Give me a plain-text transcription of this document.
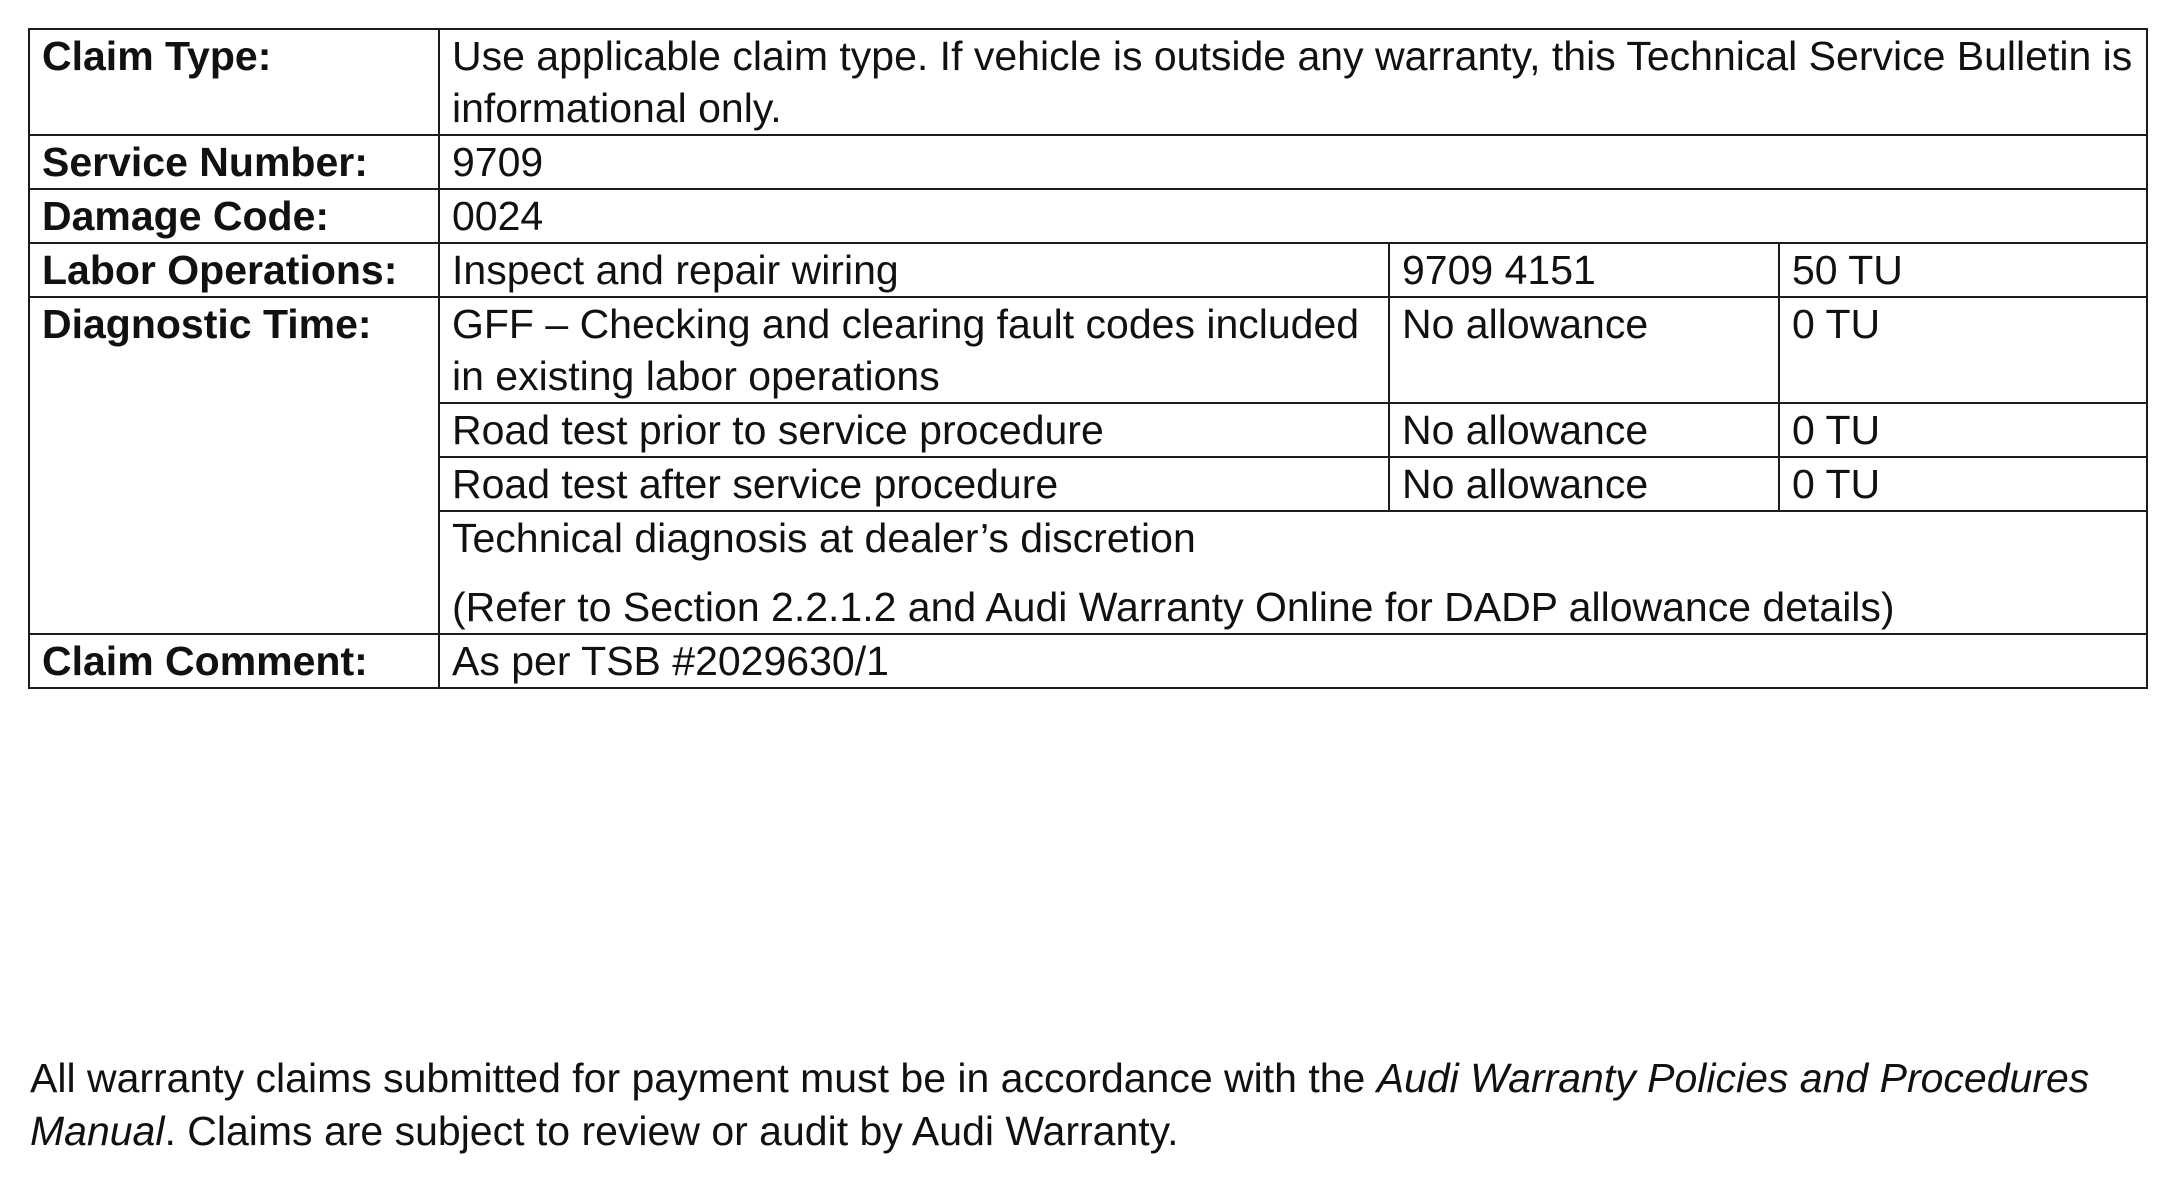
Claim Type:	Use applicable claim type. If vehicle is outside any warranty, this Technical Service Bulletin is informational only.		
Service Number:	9709		
Damage Code:	0024		
Labor Operations:	Inspect and repair wiring	9709 4151	50 TU
Diagnostic Time:	GFF – Checking and clearing fault codes included in existing labor operations	No allowance	0 TU
	Road test prior to service procedure	No allowance	0 TU
	Road test after service procedure	No allowance	0 TU

	Technical diagnosis at dealer’s discretion
(Refer to Section 2.2.1.2 and Audi Warranty Online for DADP allowance details)		

Claim Comment:	As per TSB #2029630/1		
All warranty claims submitted for payment must be in accordance with the Audi Warranty Policies and Procedures Manual. Claims are subject to review or audit by Audi Warranty.
